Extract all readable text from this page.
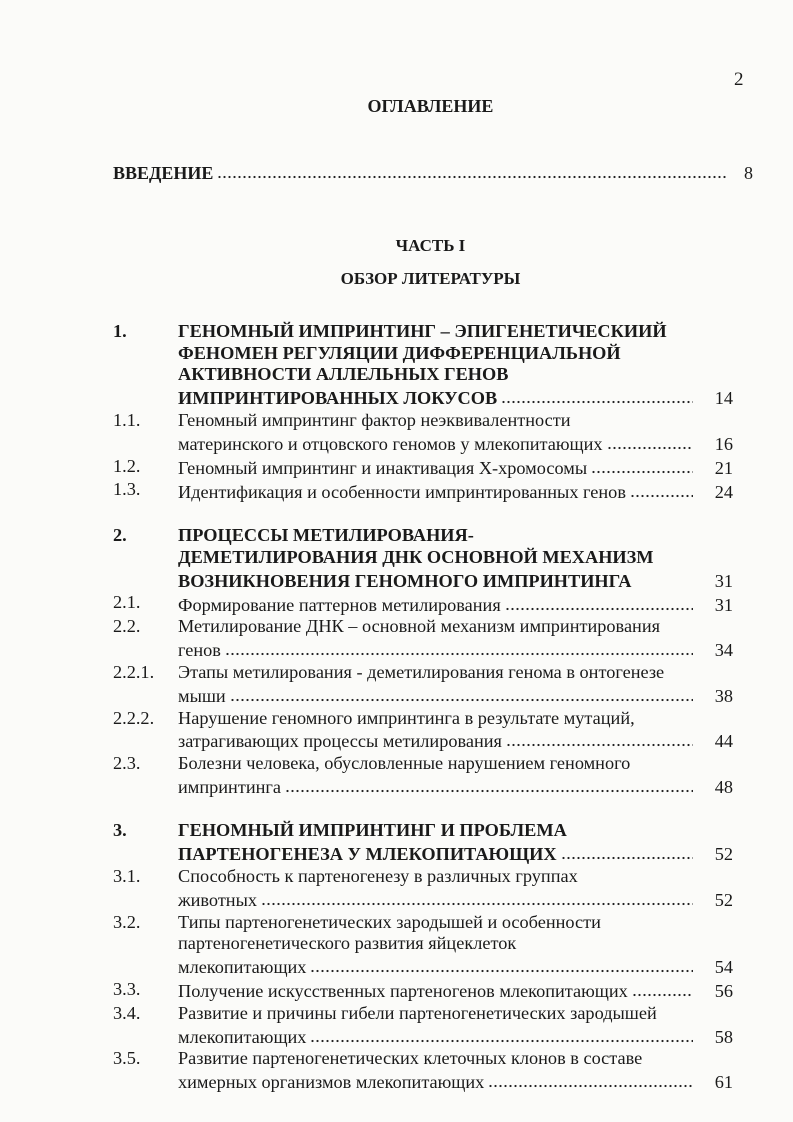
2
ОГЛАВЛЕНИЕ
ВВЕДЕНИЕ	8
ЧАСТЬ I
ОБЗОР ЛИТЕРАТУРЫ
1.	ГЕНОМНЫЙ ИМПРИНТИНГ – ЭПИГЕНЕТИЧЕСКИИЙ
ФЕНОМЕН РЕГУЛЯЦИИ ДИФФЕРЕНЦИАЛЬНОЙ
АКТИВНОСТИ АЛЛЕЛЬНЫХ ГЕНОВ
ИМПРИНТИРОВАННЫХ ЛОКУСОВ	14
1.1.	Геномный импринтинг фактор неэквивалентности
материнского и отцовского геномов у млекопитающих	16
1.2.	Геномный импринтинг и инактивация Х-хромосомы	21
1.3.	Идентификация и особенности импринтированных генов	24
2.	ПРОЦЕССЫ МЕТИЛИРОВАНИЯ-
ДЕМЕТИЛИРОВАНИЯ ДНК ОСНОВНОЙ МЕХАНИЗМ
ВОЗНИКНОВЕНИЯ ГЕНОМНОГО ИМПРИНТИНГА	31
2.1.	Формирование паттернов метилирования	31
2.2.	Метилирование ДНК – основной механизм импринтирования
генов	34
2.2.1.	Этапы метилирования - деметилирования генома в онтогенезе
мыши	38
2.2.2.	Нарушение геномного импринтинга в результате мутаций,
затрагивающих процессы метилирования	44
2.3.	Болезни человека, обусловленные нарушением геномного
импринтинга	48
3.	ГЕНОМНЫЙ ИМПРИНТИНГ И ПРОБЛЕМА
ПАРТЕНОГЕНЕЗА У МЛЕКОПИТАЮЩИХ	52
3.1.	Способность к партеногенезу в различных группах
животных	52
3.2.	Типы партеногенетических зародышей и особенности
партеногенетического развития яйцеклеток
млекопитающих	54
3.3.	Получение искусственных партеногенов млекопитающих	56
3.4.	Развитие и причины гибели партеногенетических зародышей
млекопитающих	58
3.5.	Развитие партеногенетических клеточных клонов в составе
химерных организмов млекопитающих	61
